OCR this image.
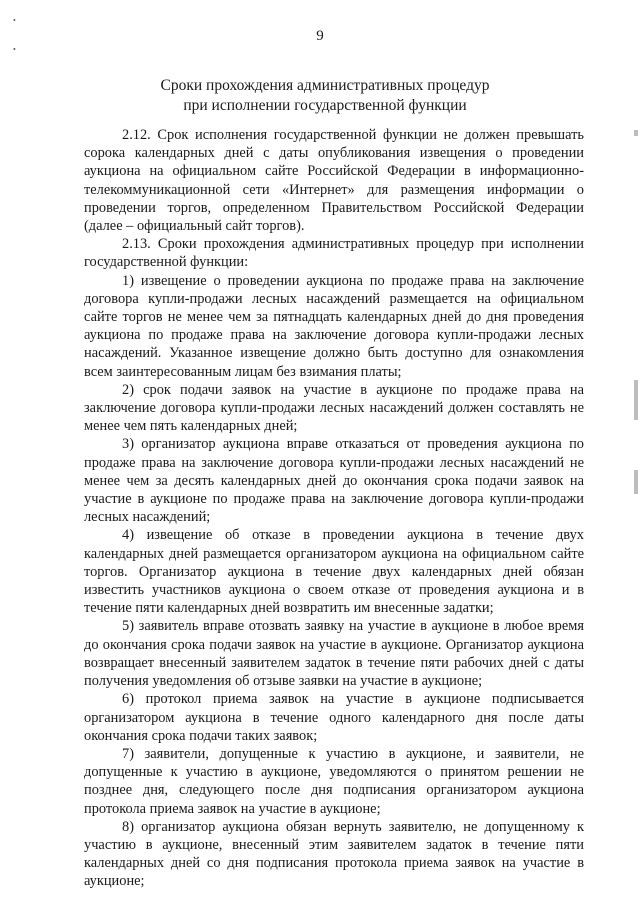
9
Сроки прохождения административных процедур
при исполнении государственной функции

2.12. Срок исполнения государственной функции не должен превышать сорока календарных дней с даты опубликования извещения о проведении аукциона на официальном сайте Российской Федерации в информационно-телекоммуникационной сети «Интернет» для размещения информации о проведении торгов, определенном Правительством Российской Федерации (далее – официальный сайт торгов).

2.13. Сроки прохождения административных процедур при исполнении государственной функции:

1) извещение о проведении аукциона по продаже права на заключение договора купли-продажи лесных насаждений размещается на официальном сайте торгов не менее чем за пятнадцать календарных дней до дня проведения аукциона по продаже права на заключение договора купли-продажи лесных насаждений. Указанное извещение должно быть доступно для ознакомления всем заинтересованным лицам без взимания платы;

2) срок подачи заявок на участие в аукционе по продаже права на заключение договора купли-продажи лесных насаждений должен составлять не менее чем пять календарных дней;

3) организатор аукциона вправе отказаться от проведения аукциона по продаже права на заключение договора купли-продажи лесных насаждений не менее чем за десять календарных дней до окончания срока подачи заявок на участие в аукционе по продаже права на заключение договора купли-продажи лесных насаждений;

4) извещение об отказе в проведении аукциона в течение двух календарных дней размещается организатором аукциона на официальном сайте торгов. Организатор аукциона в течение двух календарных дней обязан известить участников аукциона о своем отказе от проведения аукциона и в течение пяти календарных дней возвратить им внесенные задатки;

5) заявитель вправе отозвать заявку на участие в аукционе в любое время до окончания срока подачи заявок на участие в аукционе. Организатор аукциона возвращает внесенный заявителем задаток в течение пяти рабочих дней с даты получения уведомления об отзыве заявки на участие в аукционе;

6) протокол приема заявок на участие в аукционе подписывается организатором аукциона в течение одного календарного дня после даты окончания срока подачи таких заявок;

7) заявители, допущенные к участию в аукционе, и заявители, не допущенные к участию в аукционе, уведомляются о принятом решении не позднее дня, следующего после дня подписания организатором аукциона протокола приема заявок на участие в аукционе;

8) организатор аукциона обязан вернуть заявителю, не допущенному к участию в аукционе, внесенный этим заявителем задаток в течение пяти календарных дней со дня подписания протокола приема заявок на участие в аукционе;

•
•
